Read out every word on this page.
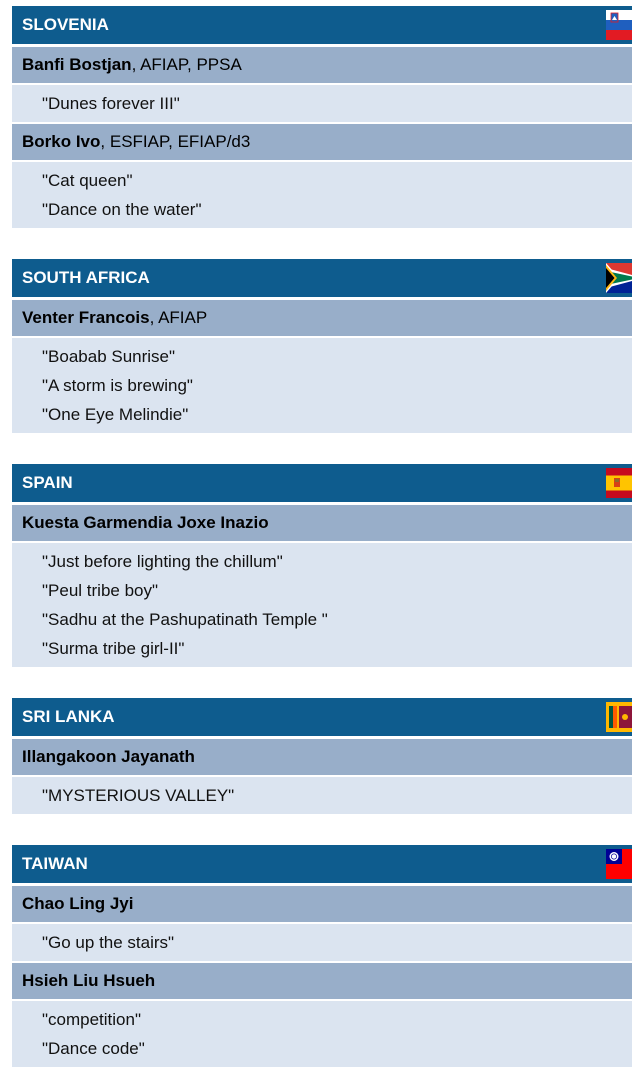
SLOVENIA
Banfi Bostjan, AFIAP, PPSA
"Dunes forever III"
Borko Ivo, ESFIAP, EFIAP/d3
"Cat queen"
"Dance on the water"
SOUTH AFRICA
Venter Francois, AFIAP
"Boabab Sunrise"
"A storm is brewing"
"One Eye Melindie"
SPAIN
Kuesta Garmendia Joxe Inazio
"Just before lighting the chillum"
"Peul tribe boy"
"Sadhu at the Pashupatinath Temple "
"Surma tribe girl-II"
SRI LANKA
Illangakoon Jayanath
"MYSTERIOUS VALLEY"
TAIWAN
Chao Ling Jyi
"Go up the stairs"
Hsieh Liu Hsueh
"competition"
"Dance code"
